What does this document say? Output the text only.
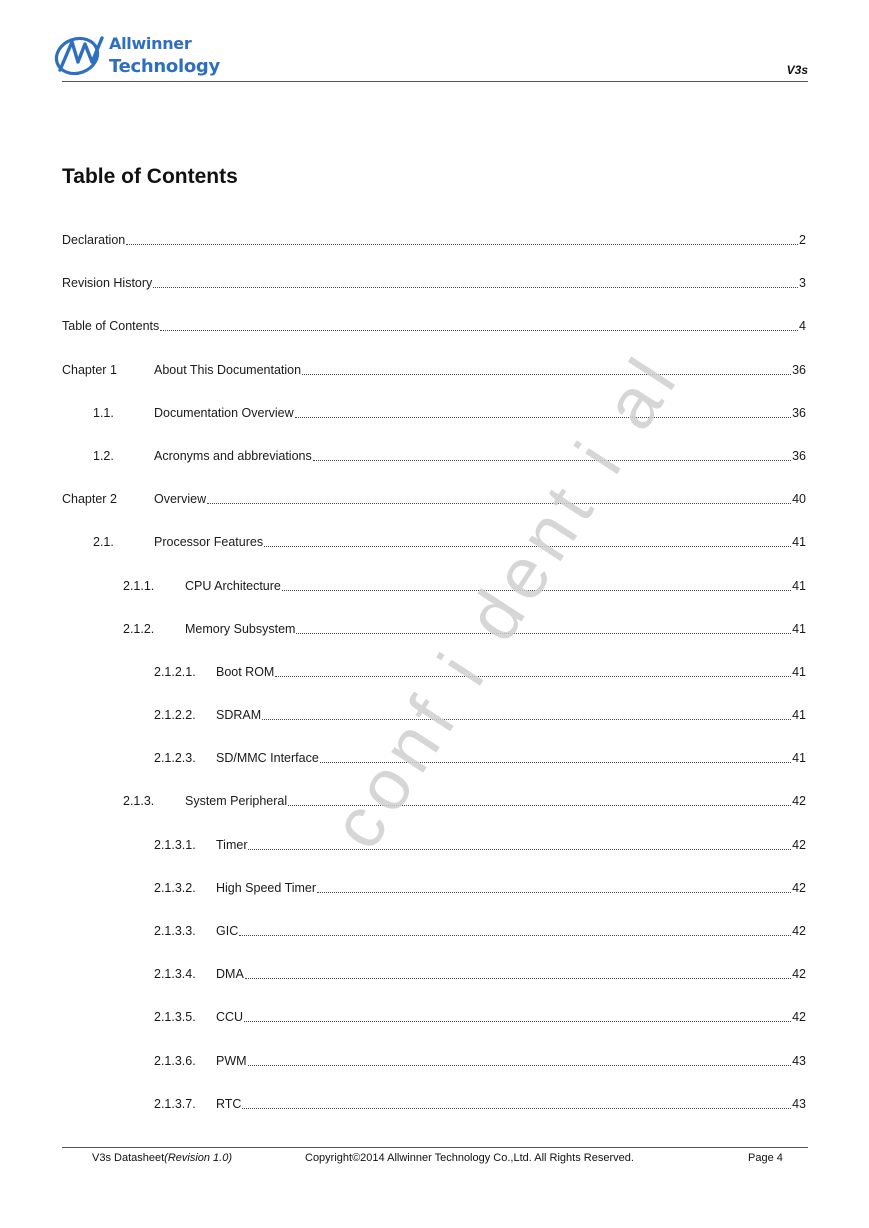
Allwinner
Technology	V3s
Table of Contents
Declaration	2
Revision History	3
Table of Contents	4
Chapter 1	About This Documentation	36
1.1.	Documentation Overview	36
1.2.	Acronyms and abbreviations	36
Chapter 2	Overview	40
2.1.	Processor Features	41
2.1.1.	CPU Architecture	41
2.1.2.	Memory Subsystem	41
2.1.2.1.	Boot ROM	41
2.1.2.2.	SDRAM	41
2.1.2.3.	SD/MMC Interface	41
2.1.3.	System Peripheral	42
2.1.3.1.	Timer	42
2.1.3.2.	High Speed Timer	42
2.1.3.3.	GIC	42
2.1.3.4.	DMA	42
2.1.3.5.	CCU	42
2.1.3.6.	PWM	43
2.1.3.7.	RTC	43
conf i dent i al
V3s Datasheet(Revision 1.0)	Copyright©2014 Allwinner Technology Co.,Ltd. All Rights Reserved.	Page 4
